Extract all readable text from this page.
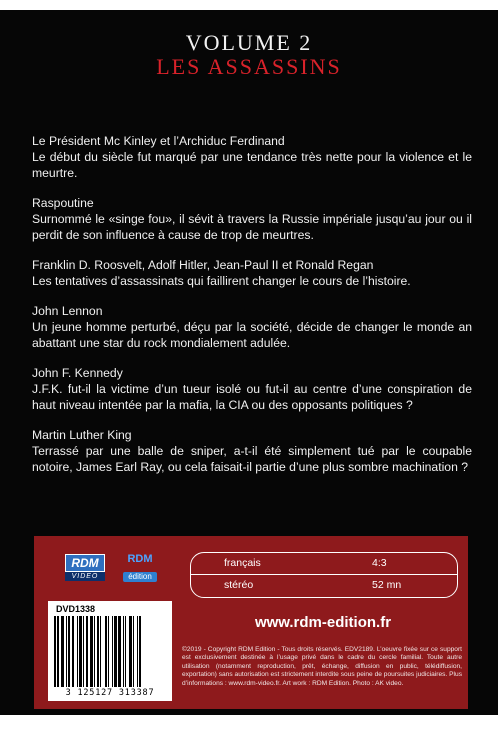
VOLUME 2
LES ASSASSINS
Le Président Mc Kinley et l’Archiduc Ferdinand
Le début du siècle fut marqué par une tendance très nette pour la violence et le meurtre.
Raspoutine
Surnommé le «singe fou», il sévit à travers la Russie impériale jusqu’au jour ou il perdit de son influence à cause de trop de meurtres.
Franklin D. Roosvelt, Adolf Hitler, Jean-Paul II et Ronald Regan
Les tentatives d’assassinats qui faillirent changer le cours de l’histoire.
John Lennon
Un jeune homme perturbé, déçu par la société, décide de changer le monde an abattant une star du rock mondialement adulée.
John F. Kennedy
J.F.K. fut-il la victime d’un tueur isolé ou fut-il au centre d’une conspiration de haut niveau intentée par la mafia, la CIA ou des opposants politiques ?
Martin Luther King
Terrassé par une balle de sniper, a-t-il été simplement tué par le coupable notoire, James Earl Ray, ou cela faisait-il partie d’une plus sombre machination ?
RDM
VIDEO
RDM
édition
français	4:3
stéréo	52 mn
DVD1338
3 125127 313387
www.rdm-edition.fr
©2019 - Copyright RDM Edition - Tous droits réservés. EDV2189. L’oeuvre fixée sur ce support est exclusivement destinée à l’usage privé dans le cadre du cercle familial. Toute autre utilisation (notamment reproduction, prêt, échange, diffusion en public, télédiffusion, exportation) sans autorisation est strictement interdite sous peine de poursuites judiciaires. Plus d’informations : www.rdm-video.fr. Art work : RDM Edition. Photo : AK video.
